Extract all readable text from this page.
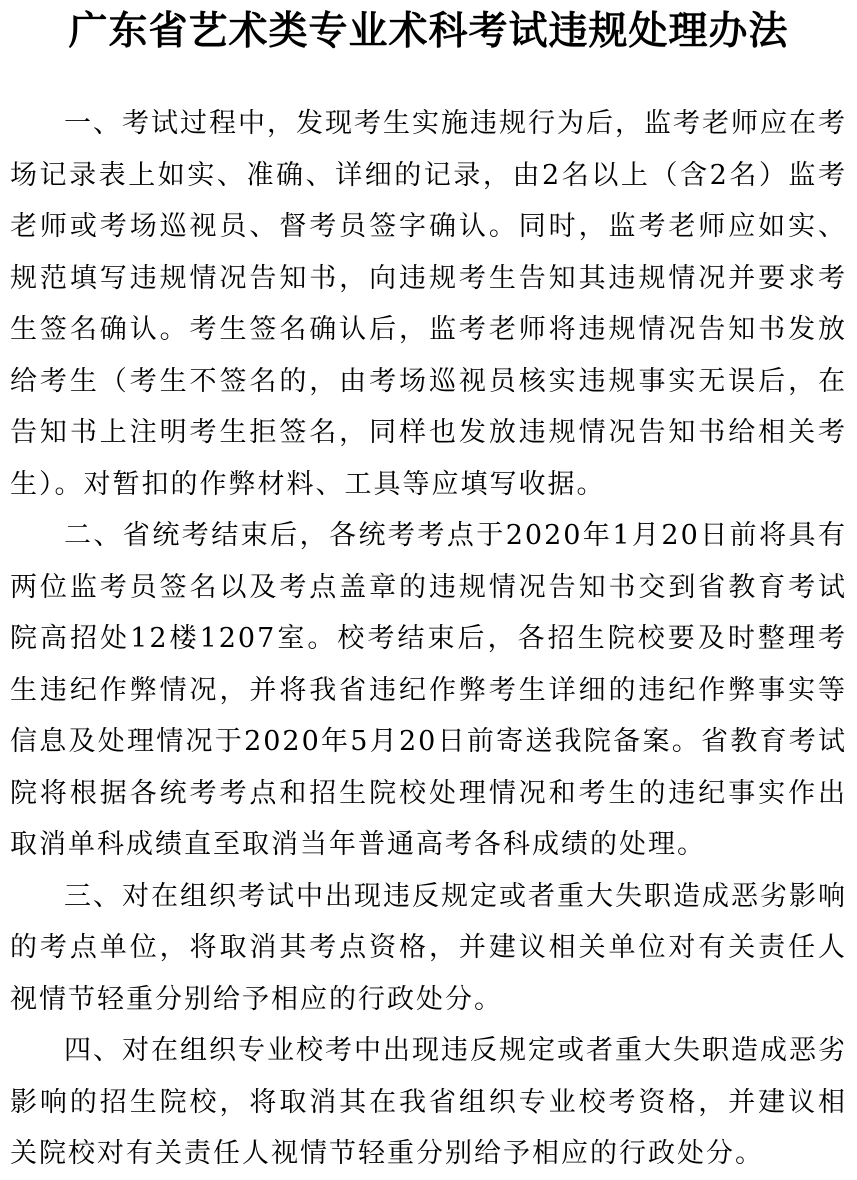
广东省艺术类专业术科考试违规处理办法

一、考试过程中，发现考生实施违规行为后，监考老师应在考场记录表上如实、准确、详细的记录，由2名以上（含2名）监考老师或考场巡视员、督考员签字确认。同时，监考老师应如实、规范填写违规情况告知书，向违规考生告知其违规情况并要求考生签名确认。考生签名确认后，监考老师将违规情况告知书发放给考生（考生不签名的，由考场巡视员核实违规事实无误后，在告知书上注明考生拒签名，同样也发放违规情况告知书给相关考生）。对暂扣的作弊材料、工具等应填写收据。

二、省统考结束后，各统考考点于2020年1月20日前将具有两位监考员签名以及考点盖章的违规情况告知书交到省教育考试院高招处12楼1207室。校考结束后，各招生院校要及时整理考生违纪作弊情况，并将我省违纪作弊考生详细的违纪作弊事实等信息及处理情况于2020年5月20日前寄送我院备案。省教育考试院将根据各统考考点和招生院校处理情况和考生的违纪事实作出取消单科成绩直至取消当年普通高考各科成绩的处理。

三、对在组织考试中出现违反规定或者重大失职造成恶劣影响的考点单位，将取消其考点资格，并建议相关单位对有关责任人视情节轻重分别给予相应的行政处分。

四、对在组织专业校考中出现违反规定或者重大失职造成恶劣影响的招生院校，将取消其在我省组织专业校考资格，并建议相关院校对有关责任人视情节轻重分别给予相应的行政处分。
